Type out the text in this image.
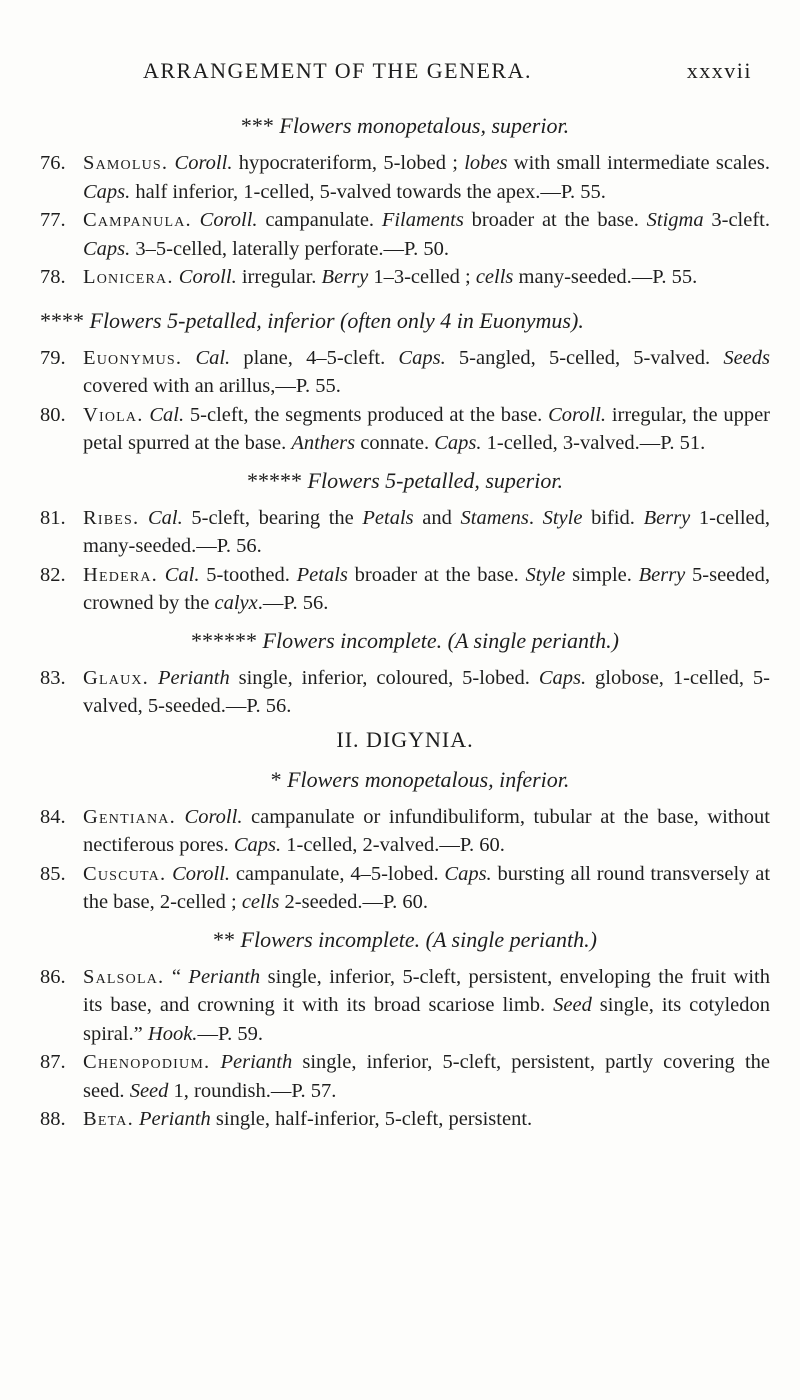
ARRANGEMENT OF THE GENERA.	xxxvii
*** Flowers monopetalous, superior.
76. Samolus. Coroll. hypocrateriform, 5-lobed ; lobes with small intermediate scales. Caps. half inferior, 1-celled, 5-valved towards the apex.—P. 55.
77. Campanula. Coroll. campanulate. Filaments broader at the base. Stigma 3-cleft. Caps. 3–5-celled, laterally perforate.—P. 50.
78. Lonicera. Coroll. irregular. Berry 1–3-celled ; cells many-seeded.—P. 55.
**** Flowers 5-petalled, inferior (often only 4 in Euonymus).
79. Euonymus. Cal. plane, 4–5-cleft. Caps. 5-angled, 5-celled, 5-valved. Seeds covered with an arillus,—P. 55.
80. Viola. Cal. 5-cleft, the segments produced at the base. Coroll. irregular, the upper petal spurred at the base. Anthers connate. Caps. 1-celled, 3-valved.—P. 51.
***** Flowers 5-petalled, superior.
81. Ribes. Cal. 5-cleft, bearing the Petals and Stamens. Style bifid. Berry 1-celled, many-seeded.—P. 56.
82. Hedera. Cal. 5-toothed. Petals broader at the base. Style simple. Berry 5-seeded, crowned by the calyx.—P. 56.
****** Flowers incomplete. (A single perianth.)
83. Glaux. Perianth single, inferior, coloured, 5-lobed. Caps. globose, 1-celled, 5-valved, 5-seeded.—P. 56.
II. DIGYNIA.
* Flowers monopetalous, inferior.
84. Gentiana. Coroll. campanulate or infundibuliform, tubular at the base, without nectiferous pores. Caps. 1-celled, 2-valved.—P. 60.
85. Cuscuta. Coroll. campanulate, 4–5-lobed. Caps. bursting all round transversely at the base, 2-celled ; cells 2-seeded.—P. 60.
** Flowers incomplete. (A single perianth.)
86. Salsola. “ Perianth single, inferior, 5-cleft, persistent, enveloping the fruit with its base, and crowning it with its broad scariose limb. Seed single, its cotyledon spiral.” Hook.—P. 59.
87. Chenopodium. Perianth single, inferior, 5-cleft, persistent, partly covering the seed. Seed 1, roundish.—P. 57.
88. Beta. Perianth single, half-inferior, 5-cleft, persistent.
